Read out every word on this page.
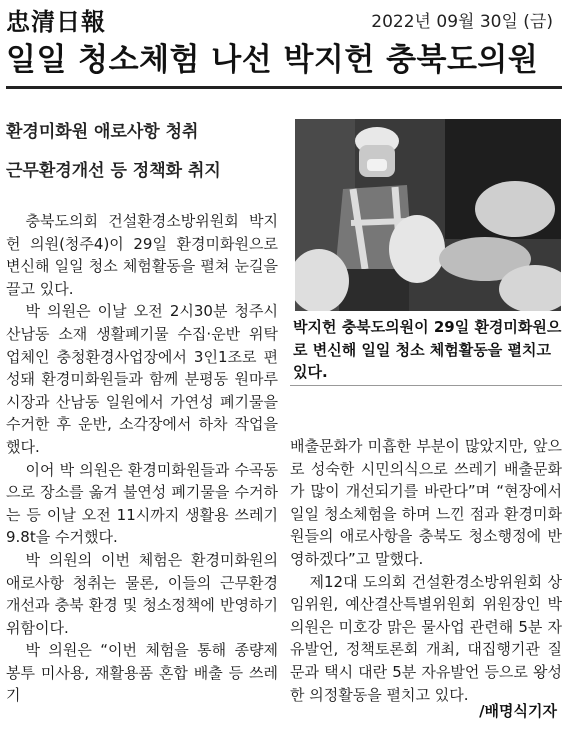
忠清日報	2022년 09월 30일 (금)
일일 청소체험 나선 박지헌 충북도의원
환경미화원 애로사항 청취
근무환경개선 등 정책화 취지

충북도의회 건설환경소방위원회 박지헌 의원(청주4)이 29일 환경미화원으로 변신해 일일 청소 체험활동을 펼쳐 눈길을 끌고 있다.

박 의원은 이날 오전 2시30분 청주시 산남동 소재 생활폐기물 수집·운반 위탁 업체인 충청환경사업장에서 3인1조로 편성돼 환경미화원들과 함께 분평동 원마루시장과 산남동 일원에서 가연성 폐기물을 수거한 후 운반, 소각장에서 하차 작업을 했다.

이어 박 의원은 환경미화원들과 수곡동으로 장소를 옮겨 불연성 폐기물을 수거하는 등 이날 오전 11시까지 생활용 쓰레기 9.8t을 수거했다.

박 의원의 이번 체험은 환경미화원의 애로사항 청취는 물론, 이들의 근무환경 개선과 충북 환경 및 청소정책에 반영하기 위함이다.

박 의원은 “이번 체험을 통해 종량제 봉투 미사용, 재활용품 혼합 배출 등 쓰레기

박지헌 충북도의원이 29일 환경미화원으로 변신해 일일 청소 체험활동을 펼치고 있다.

배출문화가 미흡한 부분이 많았지만, 앞으로 성숙한 시민의식으로 쓰레기 배출문화가 많이 개선되기를 바란다”며 “현장에서 일일 청소체험을 하며 느낀 점과 환경미화원들의 애로사항을 충북도 청소행정에 반영하겠다”고 말했다.

제12대 도의회 건설환경소방위원회 상임위원, 예산결산특별위원회 위원장인 박 의원은 미호강 맑은 물사업 관련해 5분 자유발언, 정책토론회 개최, 대집행기관 질문과 택시 대란 5분 자유발언 등으로 왕성한 의정활동을 펼치고 있다.

/배명식기자
